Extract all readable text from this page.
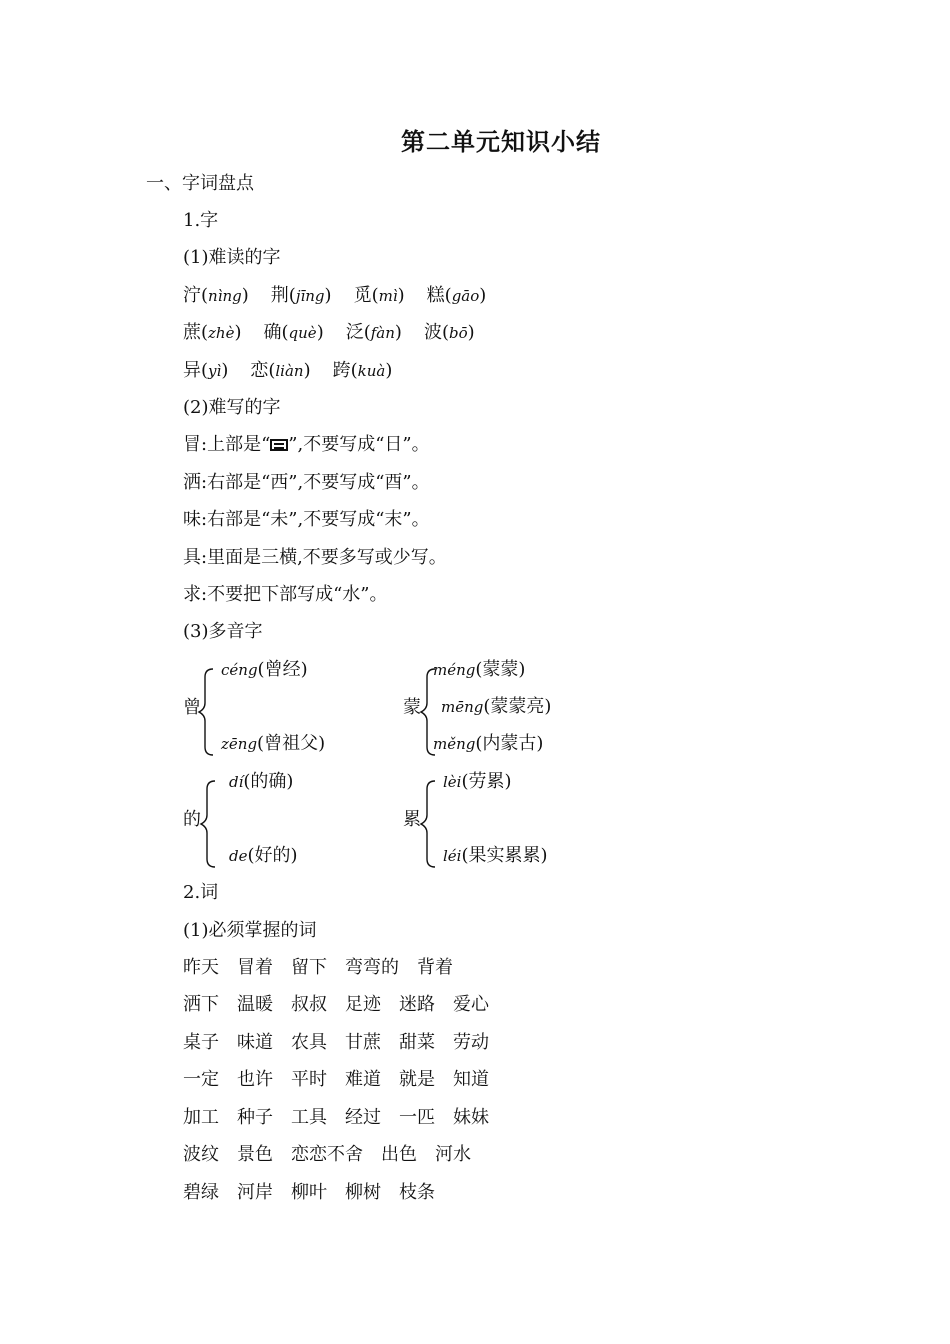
第二单元知识小结
一、字词盘点
1.字
(1)难读的字
泞(nìng) 荆(jīng) 觅(mì) 糕(gāo)
蔗(zhè) 确(què) 泛(fàn) 波(bō)
异(yì) 恋(liàn) 跨(kuà)
(2)难写的字
冒:上部是“ ”,不要写成“日”。
洒:右部是“西”,不要写成“酉”。
味:右部是“未”,不要写成“末”。
具:里面是三横,不要多写或少写。
求:不要把下部写成“水”。
(3)多音字
曾
céng(曾经)
zēng(曾祖父)
蒙
méng(蒙蒙)
mēng(蒙蒙亮)
měng(内蒙古)
的
dí(的确)
de(好的)
累
lèi(劳累)
léi(果实累累)
2.词
(1)必须掌握的词
昨天 冒着 留下 弯弯的 背着
洒下 温暖 叔叔 足迹 迷路 爱心
桌子 味道 农具 甘蔗 甜菜 劳动
一定 也许 平时 难道 就是 知道
加工 种子 工具 经过 一匹 妹妹
波纹 景色 恋恋不舍 出色 河水
碧绿 河岸 柳叶 柳树 枝条
